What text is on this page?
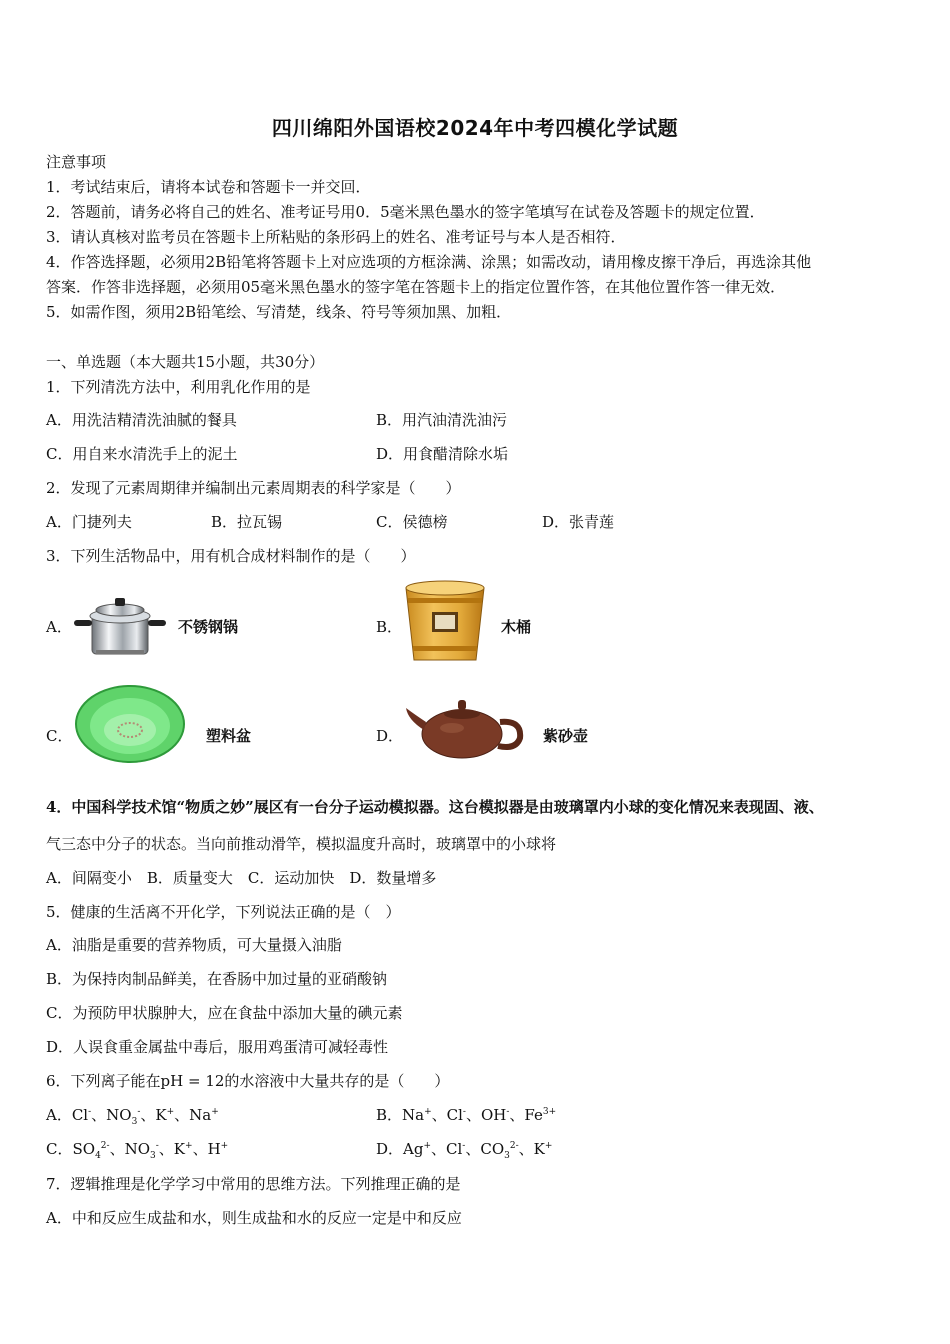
四川绵阳外国语校2024年中考四模化学试题
注意事项
1．考试结束后，请将本试卷和答题卡一并交回．
2．答题前，请务必将自己的姓名、准考证号用0．5毫米黑色墨水的签字笔填写在试卷及答题卡的规定位置．
3．请认真核对监考员在答题卡上所粘贴的条形码上的姓名、准考证号与本人是否相符．
4．作答选择题，必须用2B铅笔将答题卡上对应选项的方框涂满、涂黑；如需改动，请用橡皮擦干净后，再选涂其他
答案．作答非选择题，必须用05毫米黑色墨水的签字笔在答题卡上的指定位置作答，在其他位置作答一律无效．
5．如需作图，须用2B铅笔绘、写清楚，线条、符号等须加黑、加粗．
一、单选题（本大题共15小题，共30分）
1．下列清洗方法中，利用乳化作用的是
A．用洗洁精清洗油腻的餐具	B．用汽油清洗油污
C．用自来水清洗手上的泥土	D．用食醋清除水垢
2．发现了元素周期律并编制出元素周期表的科学家是（　　）
A．门捷列夫	B．拉瓦锡	C．侯德榜	D．张青莲
3．下列生活物品中，用有机合成材料制作的是（　　）
A．	不锈钢锅	B．	木桶
C．	塑料盆	D．	紫砂壶
4．中国科学技术馆“物质之妙”展区有一台分子运动模拟器。这台模拟器是由玻璃罩内小球的变化情况来表现固、液、
气三态中分子的状态。当向前推动滑竿，模拟温度升高时，玻璃罩中的小球将
A．间隔变小　B．质量变大　C．运动加快　D．数量增多
5．健康的生活离不开化学，下列说法正确的是（　）
A．油脂是重要的营养物质，可大量摄入油脂
B．为保持肉制品鲜美，在香肠中加过量的亚硝酸钠
C．为预防甲状腺肿大，应在食盐中添加大量的碘元素
D．人误食重金属盐中毒后，服用鸡蛋清可减轻毒性
6．下列离子能在pH = 12的水溶液中大量共存的是（　　）
A．Cl-、$NO_3^-$、K+、Na+	B．Na+、Cl-、OH-、$Fe^{3+}$
C．$SO_4^{2-}$、$NO_3^-$、K+、H+	D．Ag+、Cl-、$CO_3^{2-}$、K+
7．逻辑推理是化学学习中常用的思维方法。下列推理正确的是
A．中和反应生成盐和水，则生成盐和水的反应一定是中和反应
